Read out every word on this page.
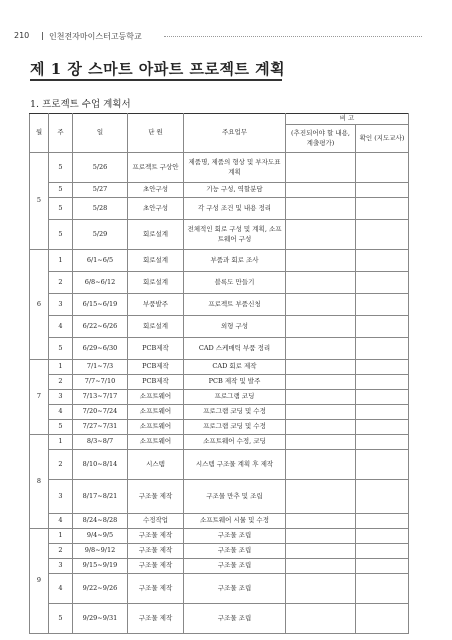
210 인천전자마이스터고등학교
제 1 장 스마트 아파트 프로젝트 계획
1. 프로젝트 수업 계획서
월	주	일	단 원	주요업무	비 고	
					(추진되어야 할 내용, 계출평가)	확인 (지도교사)
5	5	5/26	프로젝트 구상안	제품명, 제품의 형상 및 부자도표 계획		
	5	5/27	초안구성	기능 구성, 역할분담		
	5	5/28	초안구성	각 구성 조건 및 내용 정리		
	5	5/29	회로설계	전체적인 회로 구성 및 계획, 소프트웨어 구성		
6	1	6/1~6/5	회로설계	부품과 회로 조사		
	2	6/8~6/12	회로설계	블록도 만들기		
	3	6/15~6/19	부품발주	프로젝트 부품신청		
	4	6/22~6/26	회로설계	외형 구성		
	5	6/29~6/30	PCB제작	CAD 스케매틱 부품 정리		
7	1	7/1~7/3	PCB제작	CAD 회로 제작		
	2	7/7~7/10	PCB제작	PCB 제작 및 발주		
	3	7/13~7/17	소프트웨어	프로그램 코딩		
	4	7/20~7/24	소프트웨어	프로그램 코딩 및 수정		
	5	7/27~7/31	소프트웨어	프로그램 코딩 및 수정		
8	1	8/3~8/7	소프트웨어	소프트웨어 수정, 코딩		
	2	8/10~8/14	시스템	시스템 구조물 계획 후 제작		
	3	8/17~8/21	구조물 제작	구조물 만추 및 조립		
	4	8/24~8/28	수정작업	소프트웨어 시뮬 및 수정		
9	1	9/4~9/5	구조물 제작	구조물 조립		
	2	9/8~9/12	구조물 제작	구조물 조립		
	3	9/15~9/19	구조물 제작	구조물 조립		
	4	9/22~9/26	구조물 제작	구조물 조립		
	5	9/29~9/31	구조물 제작	구조물 조립		
